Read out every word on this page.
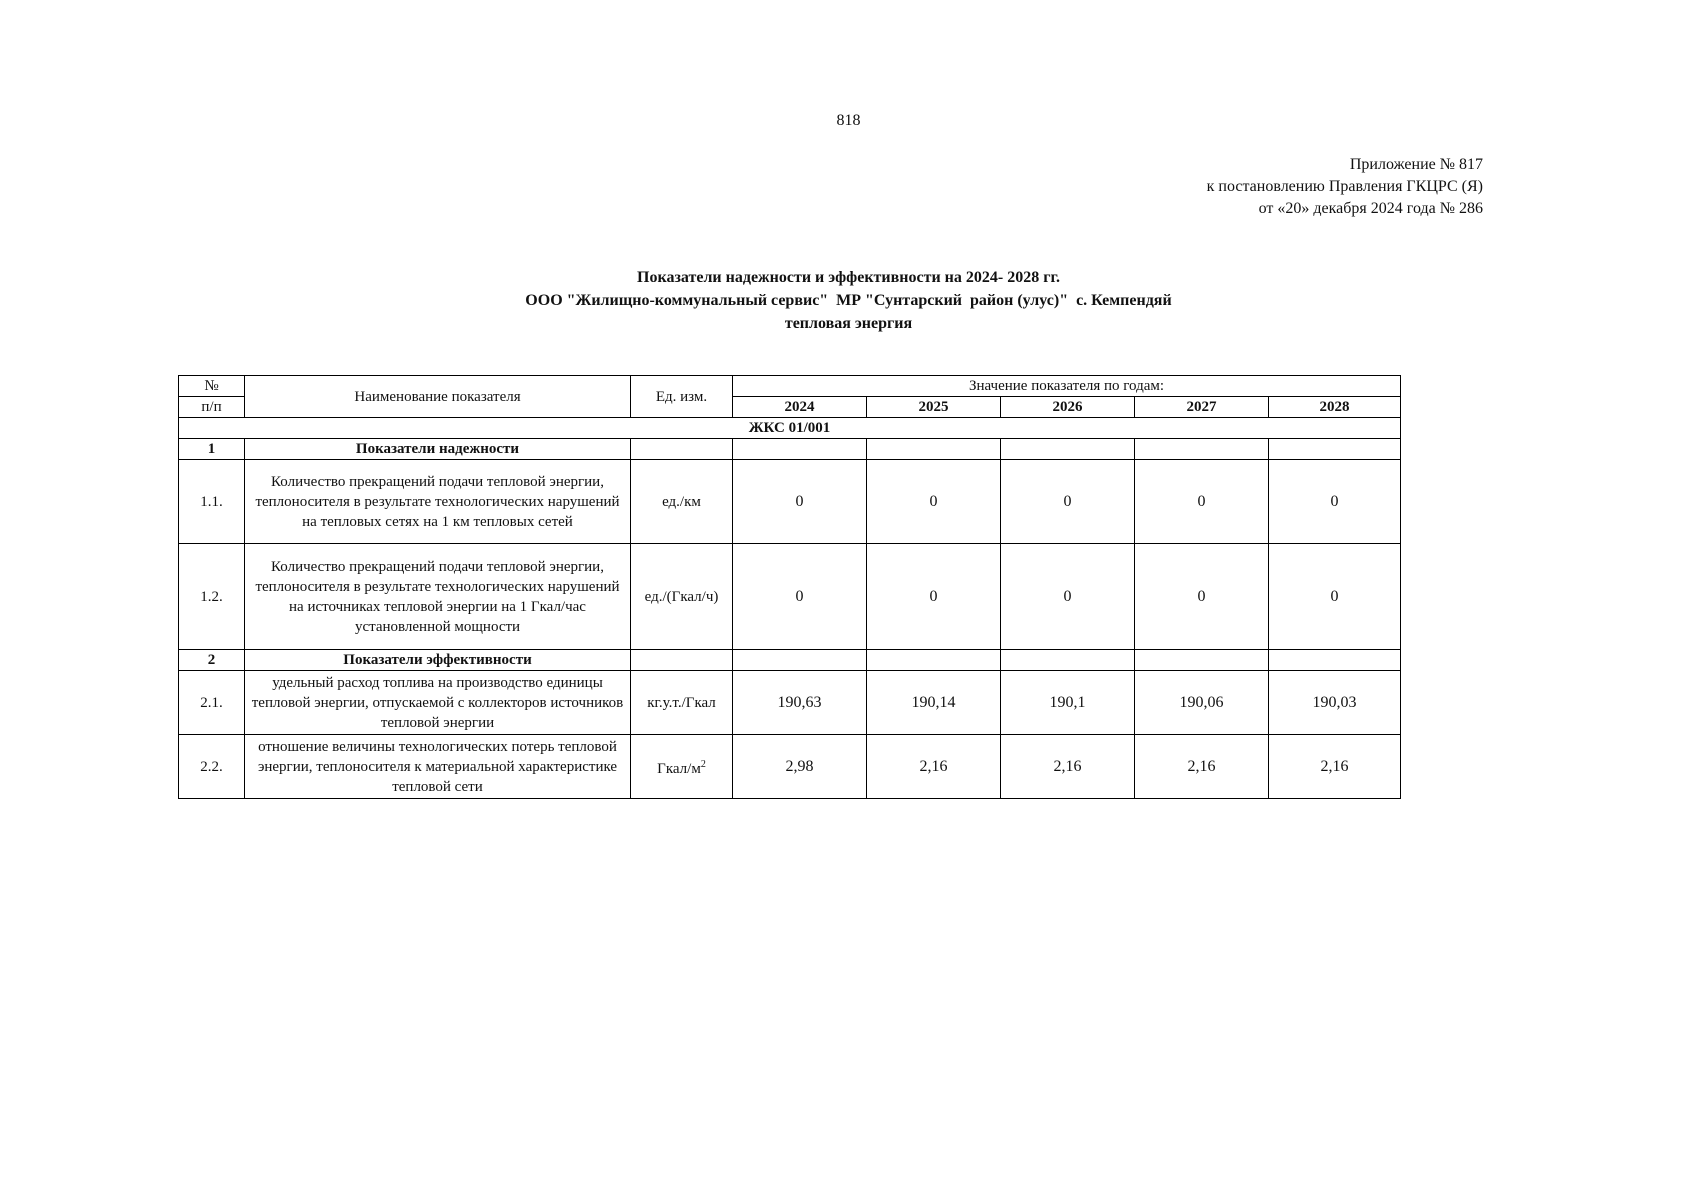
818
Приложение № 817
к постановлению Правления ГКЦРС (Я)
от «20» декабря 2024 года № 286
Показатели надежности и эффективности на 2024- 2028 гг.
ООО "Жилищно-коммунальный сервис"  МР "Сунтарский  район (улус)"  с. Кемпендяй
тепловая энергия
№	Наименование показателя	Ед. изм.	Значение показателя по годам:				
п/п			2024	2025	2026	2027	2028
ЖКС 01/001							
1	Показатели надежности						
1.1.	Количество прекращений подачи тепловой энергии, теплоносителя в результате технологических нарушений на тепловых сетях на 1 км тепловых сетей	ед./км	0	0	0	0	0
1.2.	Количество прекращений подачи тепловой энергии, теплоносителя в результате технологических нарушений на источниках тепловой энергии на 1 Гкал/час установленной мощности	ед./(Гкал/ч)	0	0	0	0	0
2	Показатели эффективности						
2.1.	удельный расход топлива на производство единицы тепловой энергии, отпускаемой с коллекторов источников тепловой энергии	кг.у.т./Гкал	190,63	190,14	190,1	190,06	190,03
2.2.	отношение величины технологических потерь тепловой энергии, теплоносителя к материальной характеристике тепловой сети	Гкал/$м^2$	2,98	2,16	2,16	2,16	2,16
